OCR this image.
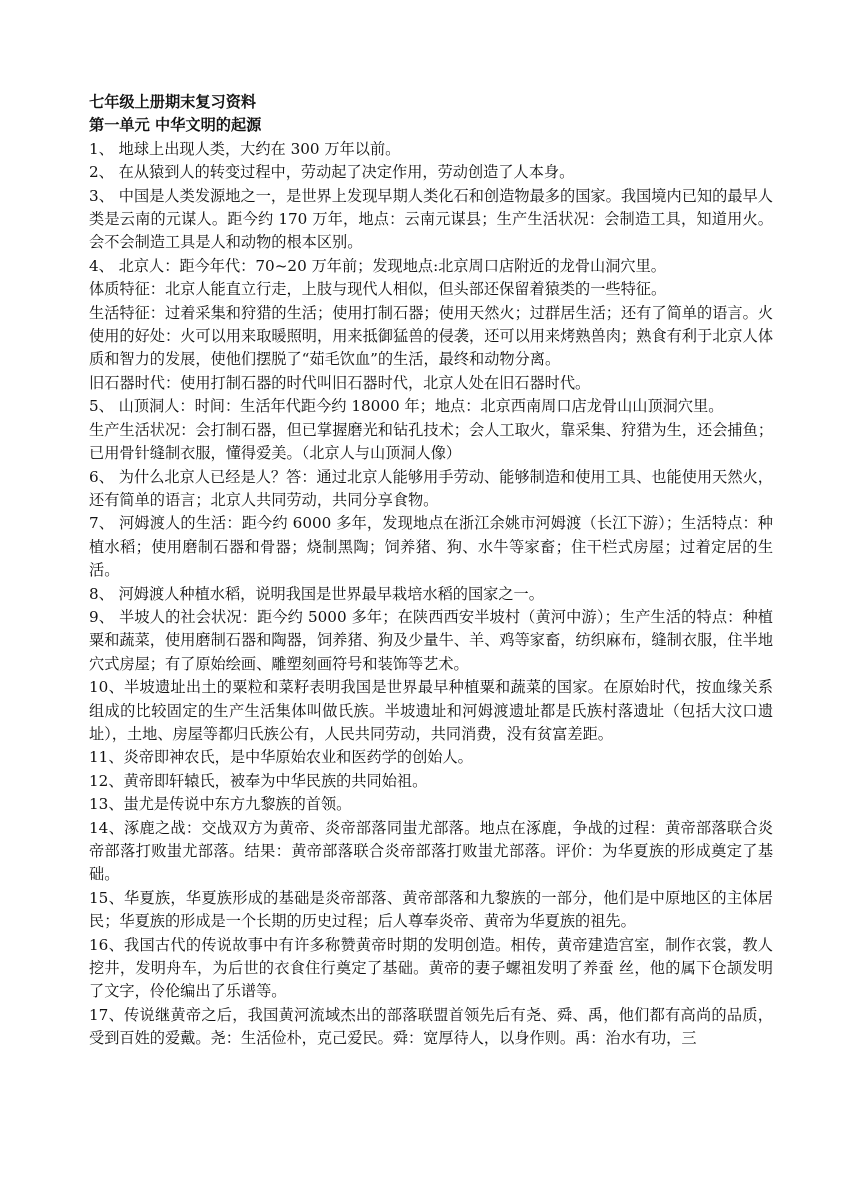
七年级上册期末复习资料

第一单元 中华文明的起源

1、 地球上出现人类，大约在 300 万年以前。

2、 在从猿到人的转变过程中，劳动起了决定作用，劳动创造了人本身。

3、 中国是人类发源地之一，是世界上发现早期人类化石和创造物最多的国家。我国境内已知的最早人类是云南的元谋人。距今约 170 万年，地点：云南元谋县；生产生活状况：会制造工具，知道用火。会不会制造工具是人和动物的根本区别。

4、 北京人：距今年代：70~20 万年前；发现地点:北京周口店附近的龙骨山洞穴里。

体质特征：北京人能直立行走，上肢与现代人相似，但头部还保留着猿类的一些特征。

生活特征：过着采集和狩猎的生活；使用打制石器；使用天然火；过群居生活；还有了简单的语言。火使用的好处：火可以用来取暖照明，用来抵御猛兽的侵袭，还可以用来烤熟兽肉；熟食有利于北京人体质和智力的发展，使他们摆脱了“茹毛饮血”的生活，最终和动物分离。

旧石器时代：使用打制石器的时代叫旧石器时代，北京人处在旧石器时代。

5、 山顶洞人：时间：生活年代距今约 18000 年；地点：北京西南周口店龙骨山山顶洞穴里。

生产生活状况：会打制石器，但已掌握磨光和钻孔技术；会人工取火，靠采集、狩猎为生，还会捕鱼；已用骨针缝制衣服，懂得爱美。（北京人与山顶洞人像）

6、 为什么北京人已经是人？答：通过北京人能够用手劳动、能够制造和使用工具、也能使用天然火，还有简单的语言；北京人共同劳动，共同分享食物。

7、 河姆渡人的生活：距今约 6000 多年，发现地点在浙江余姚市河姆渡（长江下游）；生活特点：种植水稻；使用磨制石器和骨器；烧制黑陶；饲养猪、狗、水牛等家畜；住干栏式房屋；过着定居的生活。

8、 河姆渡人种植水稻，说明我国是世界最早栽培水稻的国家之一。

9、 半坡人的社会状况：距今约 5000 多年；在陕西西安半坡村（黄河中游）；生产生活的特点：种植粟和蔬菜，使用磨制石器和陶器，饲养猪、狗及少量牛、羊、鸡等家畜，纺织麻布，缝制衣服，住半地穴式房屋；有了原始绘画、雕塑刻画符号和装饰等艺术。

10、半坡遗址出土的粟粒和菜籽表明我国是世界最早种植粟和蔬菜的国家。在原始时代，按血缘关系组成的比较固定的生产生活集体叫做氏族。半坡遗址和河姆渡遗址都是氏族村落遗址（包括大汶口遗址），土地、房屋等都归氏族公有，人民共同劳动，共同消费，没有贫富差距。

11、炎帝即神农氏，是中华原始农业和医药学的创始人。

12、黄帝即轩辕氏，被奉为中华民族的共同始祖。

13、蚩尤是传说中东方九黎族的首领。

14、涿鹿之战：交战双方为黄帝、炎帝部落同蚩尤部落。地点在涿鹿，争战的过程：黄帝部落联合炎帝部落打败蚩尤部落。结果：黄帝部落联合炎帝部落打败蚩尤部落。评价：为华夏族的形成奠定了基础。

15、华夏族，华夏族形成的基础是炎帝部落、黄帝部落和九黎族的一部分，他们是中原地区的主体居民；华夏族的形成是一个长期的历史过程；后人尊奉炎帝、黄帝为华夏族的祖先。

16、我国古代的传说故事中有许多称赞黄帝时期的发明创造。相传，黄帝建造宫室，制作衣裳，教人挖井，发明舟车，为后世的衣食住行奠定了基础。黄帝的妻子螺祖发明了养蚕 丝，他的属下仓颉发明了文字，伶伦编出了乐谱等。

17、传说继黄帝之后，我国黄河流域杰出的部落联盟首领先后有尧、舜、禹，他们都有高尚的品质，受到百姓的爱戴。尧：生活俭朴，克己爱民。舜：宽厚待人，以身作则。禹：治水有功，三
